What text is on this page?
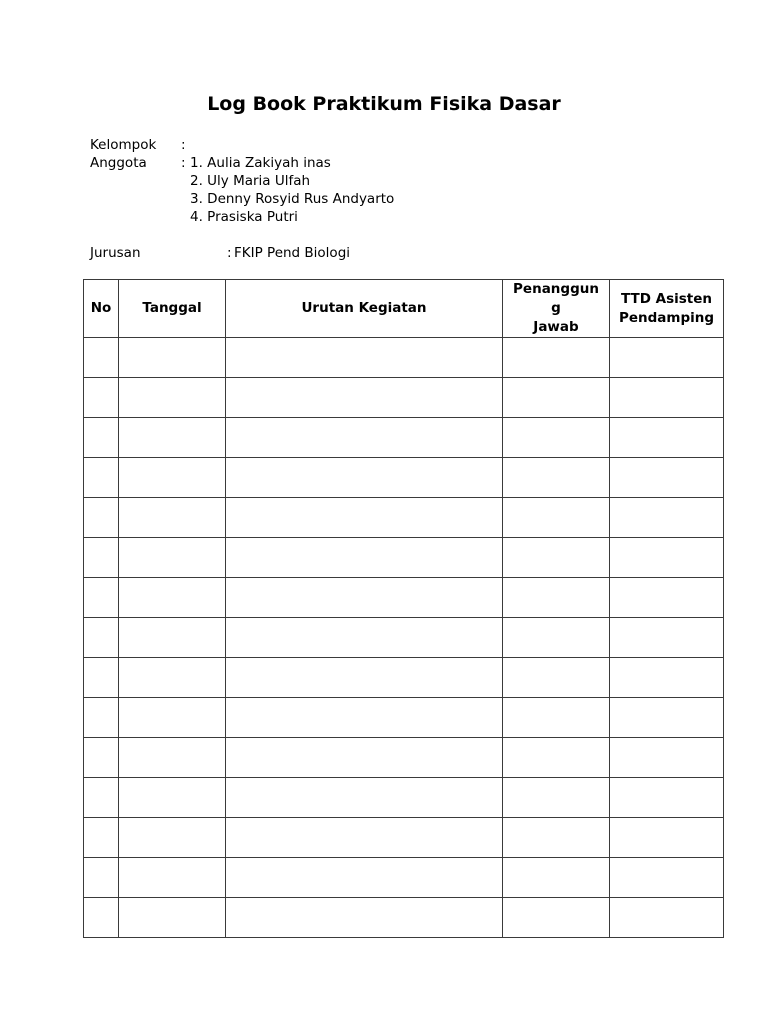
Log Book Praktikum Fisika Dasar
Kelompok :
Anggota	: 1. Aulia Zakiyah inas
2. Uly Maria Ulfah
3. Denny Rosyid Rus Andyarto
4. Prasiska Putri
Jurusan	: FKIP Pend Biologi
No	Tanggal	Urutan Kegiatan	Penanggun
g
Jawab	TTD Asisten
Pendamping
